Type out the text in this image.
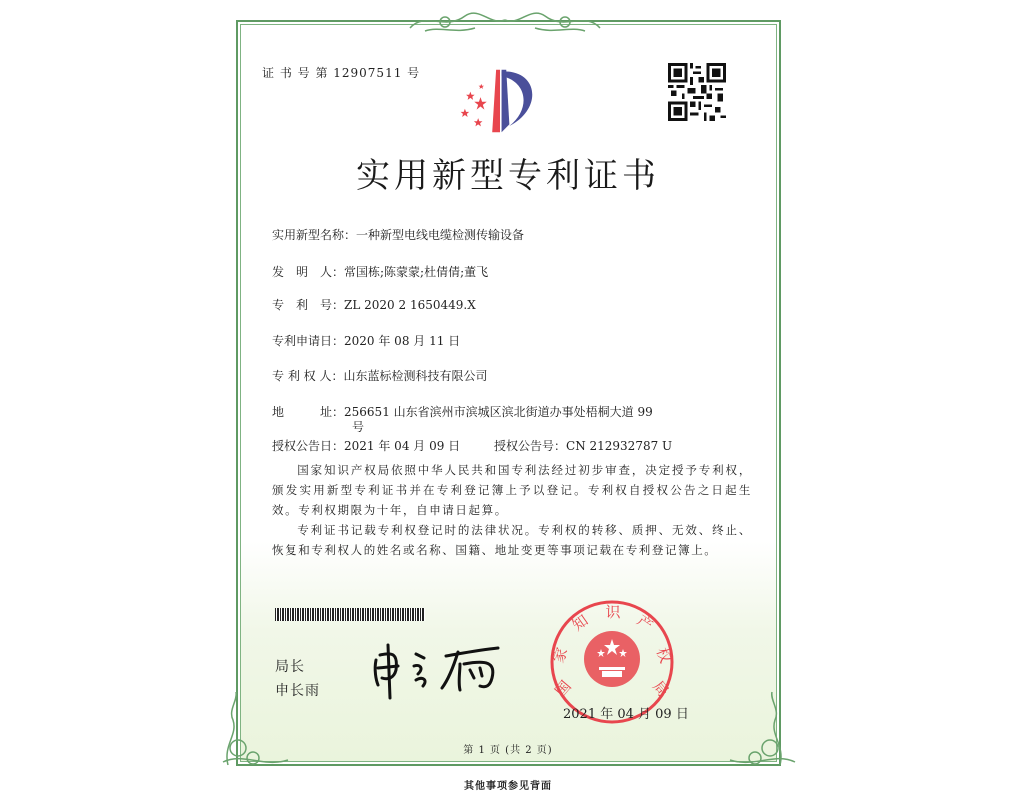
证 书 号 第 12907511 号
实用新型专利证书
实用新型名称：一种新型电线电缆检测传输设备
发　明　人：常国栋;陈蒙蒙;杜倩倩;董飞
专　利　号：ZL 2020 2 1650449.X
专利申请日：2020 年 08 月 11 日
专 利 权 人：山东蓝标检测科技有限公司
地　　　址：256651 山东省滨州市滨城区滨北街道办事处梧桐大道 99
号
授权公告日：2021 年 04 月 09 日	授权公告号：CN 212932787 U

国家知识产权局依照中华人民共和国专利法经过初步审查，决定授予专利权，颁发实用新型专利证书并在专利登记簿上予以登记。专利权自授权公告之日起生效。专利权期限为十年，自申请日起算。

专利证书记载专利权登记时的法律状况。专利权的转移、质押、无效、终止、恢复和专利权人的姓名或名称、国籍、地址变更等事项记载在专利登记簿上。

局长
申长雨	国
家
知 识 产
权
局
2021 年 04 月 09 日
第 1 页 (共 2 页)
其他事项参见背面
